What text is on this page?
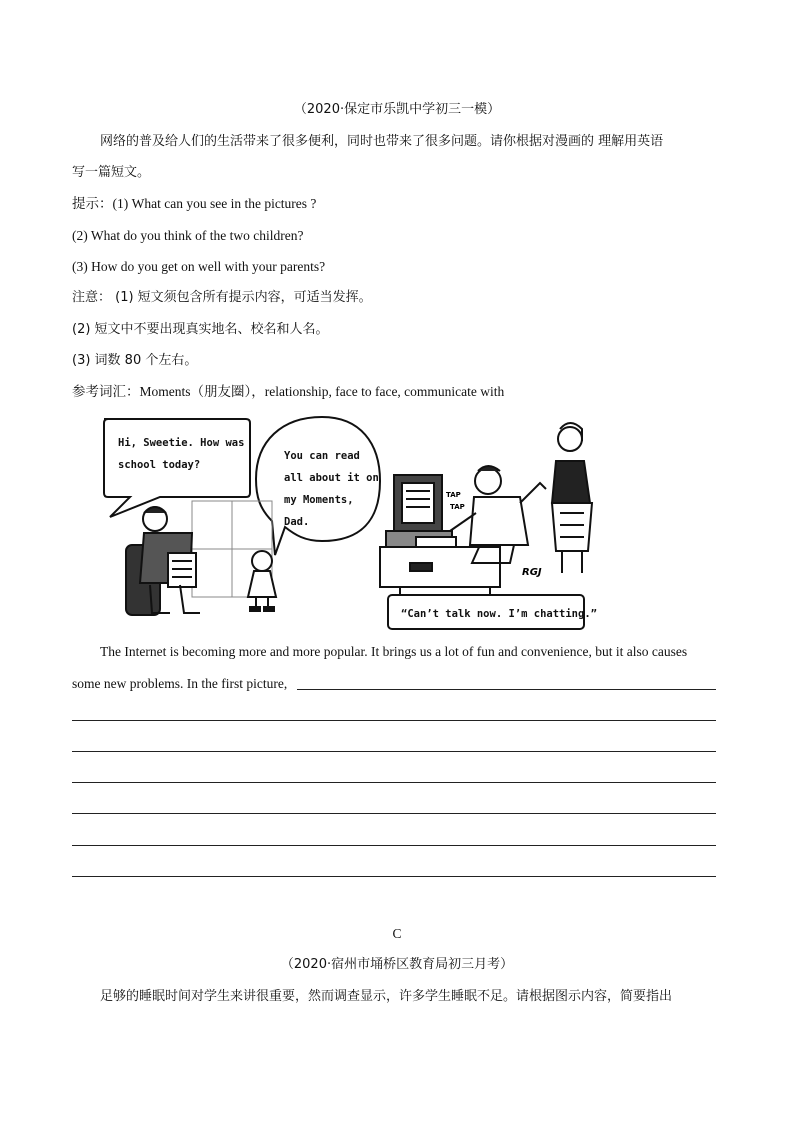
（2020·保定市乐凯中学初三一模）
网络的普及给人们的生活带来了很多便利，同时也带来了很多问题。请你根据对漫画的 理解用英语
写一篇短文。
提示：(1) What can you see in the pictures ?
(2) What do you think of the two children?
(3) How do you get on well with your parents?
注意： (1) 短文须包含所有提示内容，可适当发挥。
(2) 短文中不要出现真实地名、校名和人名。
(3) 词数 80 个左右。
参考词汇：Moments（朋友圈），relationship, face to face, communicate with
Hi, Sweetie. How was
school today?
You can read
all about it on
my Moments,
Dad.
TAP
TAP
RGJ
“Can’t talk now. I’m chatting.”
The Internet is becoming more and more popular. It brings us a lot of fun and convenience, but it also causes
some new problems. In the first picture,
C
（2020·宿州市埇桥区教育局初三月考）
足够的睡眠时间对学生来讲很重要，然而调查显示，许多学生睡眠不足。请根据图示内容，简要指出
